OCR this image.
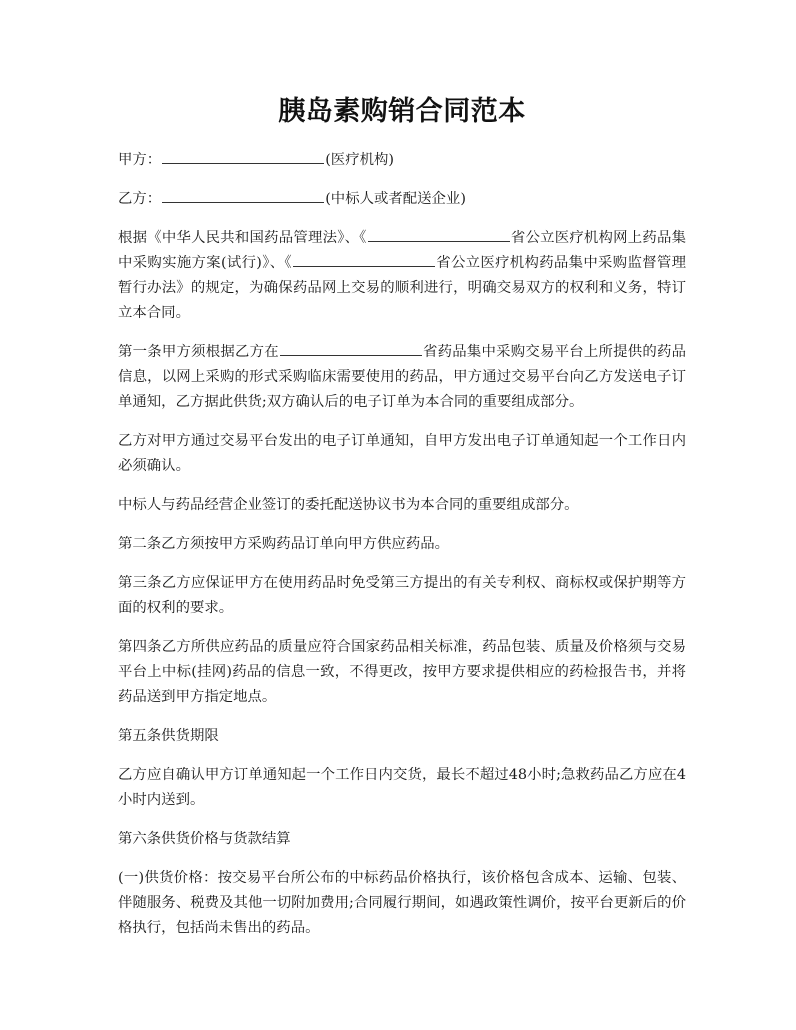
胰岛素购销合同范本

甲方：	(医疗机构)

乙方：	(中标人或者配送企业)

根据《中华人民共和国药品管理法》、《	省公立医疗机构网上药品集中采购实施方案(试行)》、《	省公立医疗机构药品集中采购监督管理暂行办法》的规定，为确保药品网上交易的顺利进行，明确交易双方的权利和义务，特订立本合同。

第一条甲方须根据乙方在	省药品集中采购交易平台上所提供的药品信息，以网上采购的形式采购临床需要使用的药品，甲方通过交易平台向乙方发送电子订单通知，乙方据此供货;双方确认后的电子订单为本合同的重要组成部分。

乙方对甲方通过交易平台发出的电子订单通知，自甲方发出电子订单通知起一个工作日内必须确认。

中标人与药品经营企业签订的委托配送协议书为本合同的重要组成部分。

第二条乙方须按甲方采购药品订单向甲方供应药品。

第三条乙方应保证甲方在使用药品时免受第三方提出的有关专利权、商标权或保护期等方面的权利的要求。

第四条乙方所供应药品的质量应符合国家药品相关标准，药品包装、质量及价格须与交易平台上中标(挂网)药品的信息一致，不得更改，按甲方要求提供相应的药检报告书，并将药品送到甲方指定地点。

第五条供货期限

乙方应自确认甲方订单通知起一个工作日内交货，最长不超过48小时;急救药品乙方应在4小时内送到。

第六条供货价格与货款结算

(一)供货价格：按交易平台所公布的中标药品价格执行，该价格包含成本、运输、包装、伴随服务、税费及其他一切附加费用;合同履行期间，如遇政策性调价，按平台更新后的价格执行，包括尚未售出的药品。
